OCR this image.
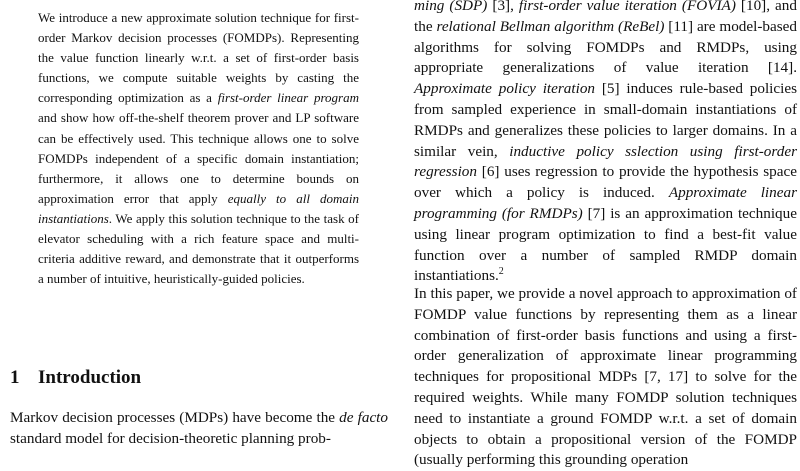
We introduce a new approximate solution technique for first-order Markov decision processes (FOMDPs). Representing the value function linearly w.r.t. a set of first-order basis functions, we compute suitable weights by casting the corresponding optimization as a first-order linear program and show how off-the-shelf theorem prover and LP software can be effectively used. This technique allows one to solve FOMDPs independent of a specific domain instantiation; furthermore, it allows one to determine bounds on approximation error that apply equally to all domain instantiations. We apply this solution technique to the task of elevator scheduling with a rich feature space and multi-criteria additive reward, and demonstrate that it outperforms a number of intuitive, heuristically-guided policies.
1 Introduction
Markov decision processes (MDPs) have become the de facto standard model for decision-theoretic planning prob-
ming (SDP) [3], first-order value iteration (FOVIA) [10], and the relational Bellman algorithm (ReBel) [11] are model-based algorithms for solving FOMDPs and RMDPs, using appropriate generalizations of value iteration [14]. Approximate policy iteration [5] induces rule-based policies from sampled experience in small-domain instantiations of RMDPs and generalizes these policies to larger domains. In a similar vein, inductive policy sslection using first-order regression [6] uses regression to provide the hypothesis space over which a policy is induced. Approximate linear programming (for RMDPs) [7] is an approximation technique using linear program optimization to find a best-fit value function over a number of sampled RMDP domain instantiations.$^2$
In this paper, we provide a novel approach to approximation of FOMDP value functions by representing them as a linear combination of first-order basis functions and using a first-order generalization of approximate linear programming techniques for propositional MDPs [7, 17] to solve for the required weights. While many FOMDP solution techniques need to instantiate a ground FOMDP w.r.t. a set of domain objects to obtain a propositional version of the FOMDP (usually performing this grounding operation
